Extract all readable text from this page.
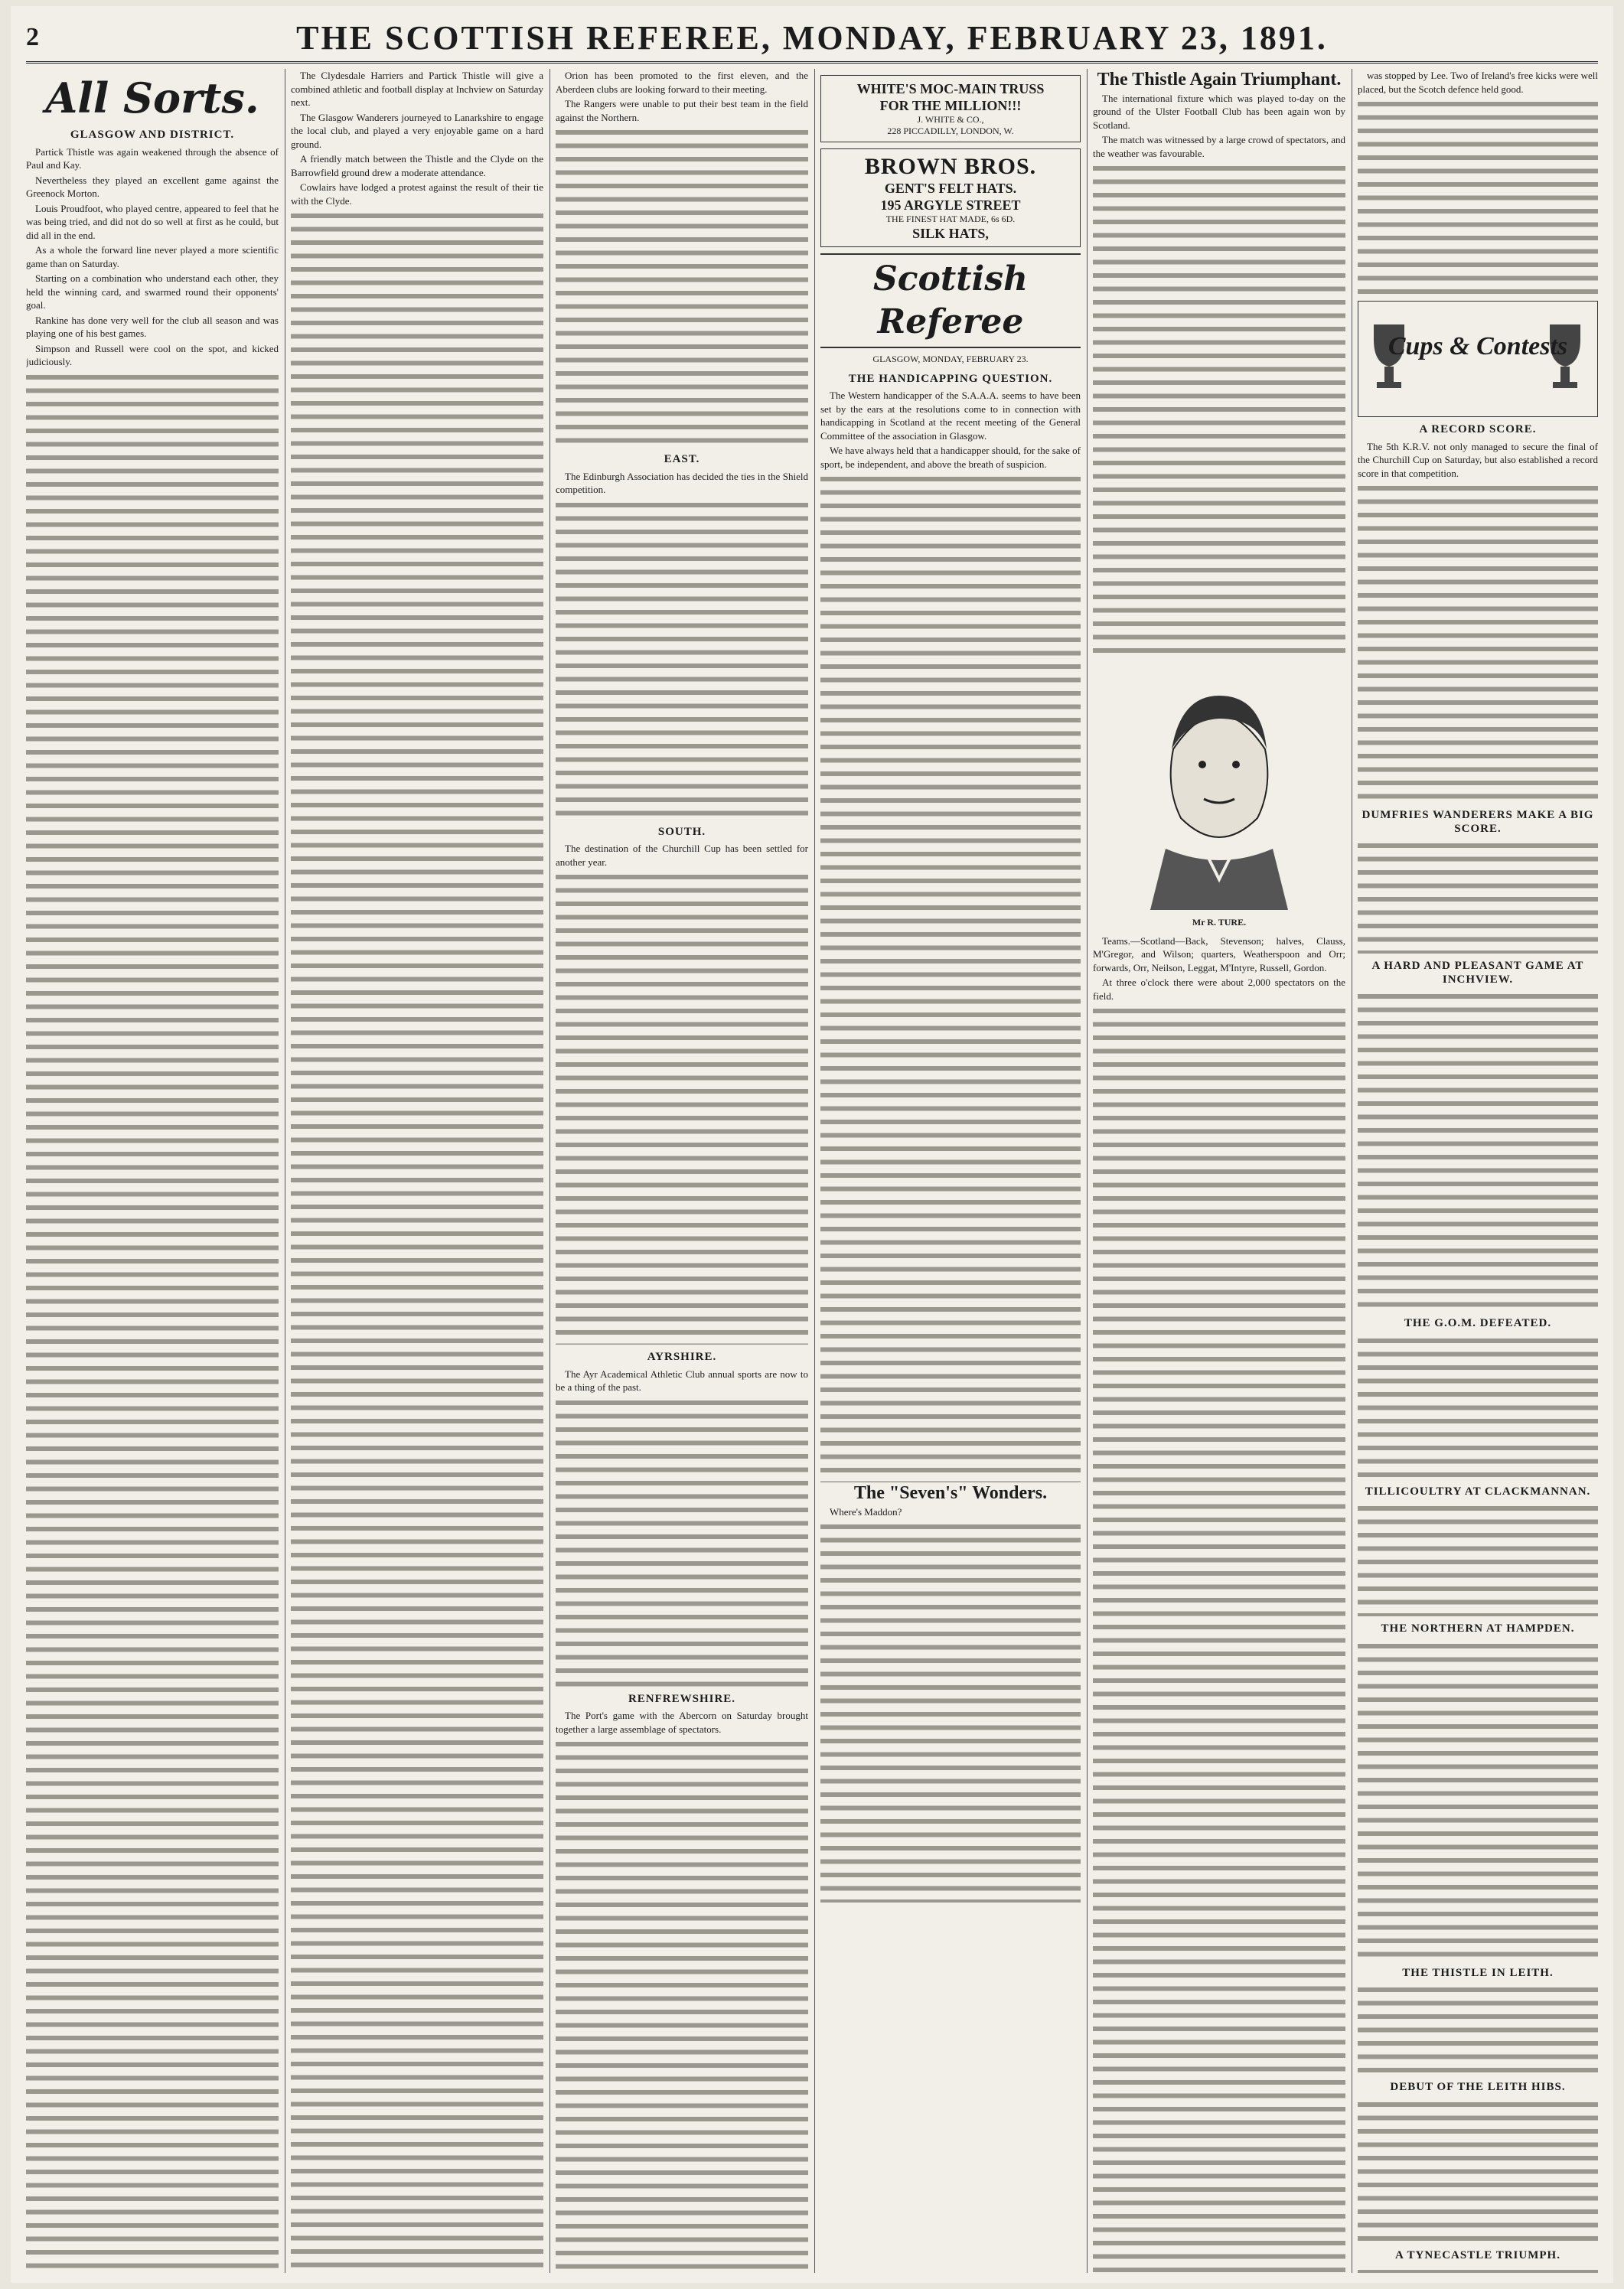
2	THE SCOTTISH REFEREE, MONDAY, FEBRUARY 23, 1891.
All Sorts.
GLASGOW AND DISTRICT.

Partick Thistle was again weakened through the absence of Paul and Kay.

Nevertheless they played an excellent game against the Greenock Morton.

Louis Proudfoot, who played centre, appeared to feel that he was being tried, and did not do so well at first as he could, but did all in the end.

As a whole the forward line never played a more scientific game than on Saturday.

Starting on a combination who understand each other, they held the winning card, and swarmed round their opponents' goal.

Rankine has done very well for the club all season and was playing one of his best games.

Simpson and Russell were cool on the spot, and kicked judiciously.

The Clydesdale Harriers and Partick Thistle will give a combined athletic and football display at Inchview on Saturday next.

The Glasgow Wanderers journeyed to Lanarkshire to engage the local club, and played a very enjoyable game on a hard ground.

A friendly match between the Thistle and the Clyde on the Barrowfield ground drew a moderate attendance.

Cowlairs have lodged a protest against the result of their tie with the Clyde.

Orion has been promoted to the first eleven, and the Aberdeen clubs are looking forward to their meeting.

The Rangers were unable to put their best team in the field against the Northern.

EAST.

The Edinburgh Association has decided the ties in the Shield competition.

SOUTH.

The destination of the Churchill Cup has been settled for another year.

AYRSHIRE.

The Ayr Academical Athletic Club annual sports are now to be a thing of the past.

RENFREWSHIRE.

The Port's game with the Abercorn on Saturday brought together a large assemblage of spectators.

WHITE'S MOC-MAIN TRUSS
FOR THE MILLION!!!
J. WHITE & CO.,
228 PICCADILLY, LONDON, W.
BROWN BROS.
GENT'S FELT HATS.
195 ARGYLE STREET
THE FINEST HAT MADE, 6s 6D.
SILK HATS,
Scottish Referee
GLASGOW, MONDAY, FEBRUARY 23.
THE HANDICAPPING QUESTION.

The Western handicapper of the S.A.A.A. seems to have been set by the ears at the resolutions come to in connection with handicapping in Scotland at the recent meeting of the General Committee of the association in Glasgow.

We have always held that a handicapper should, for the sake of sport, be independent, and above the breath of suspicion.

The "Seven's" Wonders.

Where's Maddon?

The Thistle Again Triumphant.

The international fixture which was played to-day on the ground of the Ulster Football Club has been again won by Scotland.

The match was witnessed by a large crowd of spectators, and the weather was favourable.

Mr R. TURE.

Teams.—Scotland—Back, Stevenson; halves, Clauss, M'Gregor, and Wilson; quarters, Weatherspoon and Orr; forwards, Orr, Neilson, Leggat, M'Intyre, Russell, Gordon.

At three o'clock there were about 2,000 spectators on the field.

was stopped by Lee. Two of Ireland's free kicks were well placed, but the Scotch defence held good.

Cups & Contests
A RECORD SCORE.

The 5th K.R.V. not only managed to secure the final of the Churchill Cup on Saturday, but also established a record score in that competition.

DUMFRIES WANDERERS MAKE A BIG SCORE.
A HARD AND PLEASANT GAME AT INCHVIEW.
THE G.O.M. DEFEATED.
TILLICOULTRY AT CLACKMANNAN.
THE NORTHERN AT HAMPDEN.
THE THISTLE IN LEITH.
DEBUT OF THE LEITH HIBS.
A TYNECASTLE TRIUMPH.
